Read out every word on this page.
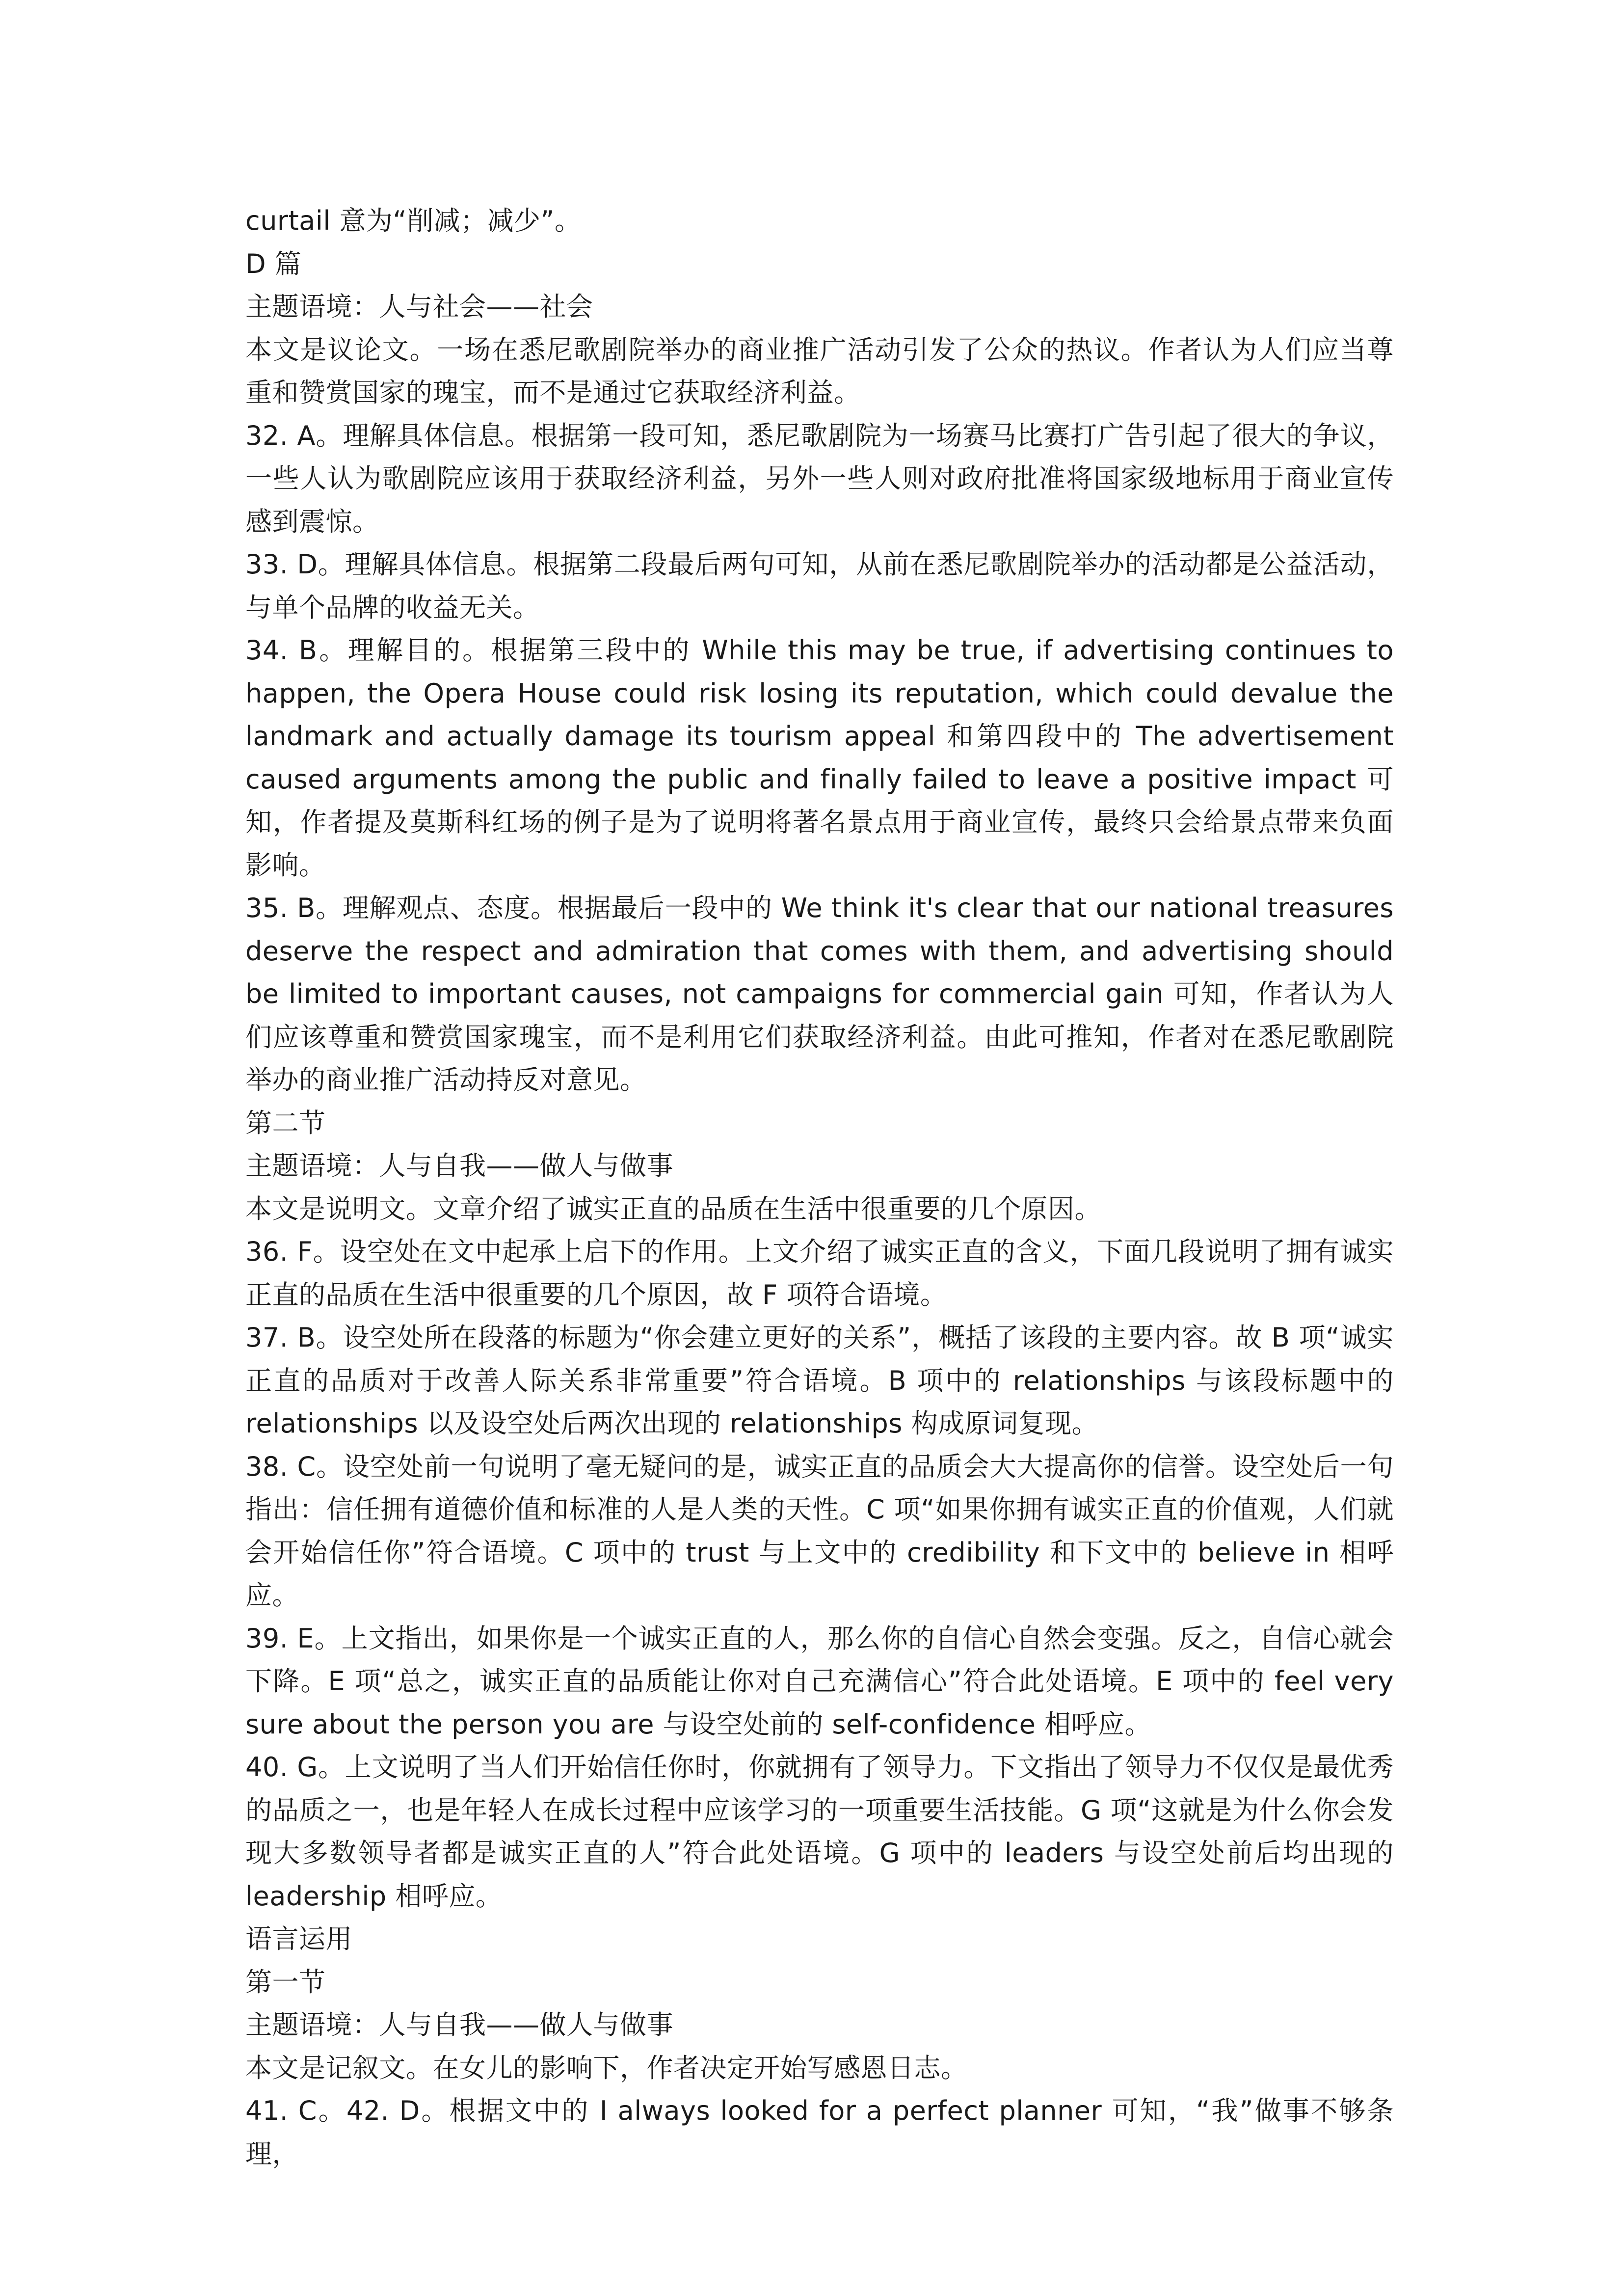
curtail 意为“削减；减少”。

D 篇

主题语境：人与社会——社会

本文是议论文。一场在悉尼歌剧院举办的商业推广活动引发了公众的热议。作者认为人们应当尊重和赞赏国家的瑰宝，而不是通过它获取经济利益。

32. A。理解具体信息。根据第一段可知，悉尼歌剧院为一场赛马比赛打广告引起了很大的争议，一些人认为歌剧院应该用于获取经济利益，另外一些人则对政府批准将国家级地标用于商业宣传感到震惊。

33. D。理解具体信息。根据第二段最后两句可知，从前在悉尼歌剧院举办的活动都是公益活动，与单个品牌的收益无关。

34. B。理解目的。根据第三段中的 While this may be true, if advertising continues to happen, the Opera House could risk losing its reputation, which could devalue the landmark and actually damage its tourism appeal 和第四段中的 The advertisement caused arguments among the public and finally failed to leave a positive impact 可知，作者提及莫斯科红场的例子是为了说明将著名景点用于商业宣传，最终只会给景点带来负面影响。

35. B。理解观点、态度。根据最后一段中的 We think it's clear that our national treasures deserve the respect and admiration that comes with them, and advertising should be limited to important causes, not campaigns for commercial gain 可知，作者认为人们应该尊重和赞赏国家瑰宝，而不是利用它们获取经济利益。由此可推知，作者对在悉尼歌剧院举办的商业推广活动持反对意见。

第二节

主题语境：人与自我——做人与做事

本文是说明文。文章介绍了诚实正直的品质在生活中很重要的几个原因。

36. F。设空处在文中起承上启下的作用。上文介绍了诚实正直的含义，下面几段说明了拥有诚实正直的品质在生活中很重要的几个原因，故 F 项符合语境。

37. B。设空处所在段落的标题为“你会建立更好的关系”，概括了该段的主要内容。故 B 项“诚实正直的品质对于改善人际关系非常重要”符合语境。B 项中的 relationships 与该段标题中的 relationships 以及设空处后两次出现的 relationships 构成原词复现。

38. C。设空处前一句说明了毫无疑问的是，诚实正直的品质会大大提高你的信誉。设空处后一句指出：信任拥有道德价值和标准的人是人类的天性。C 项“如果你拥有诚实正直的价值观，人们就会开始信任你”符合语境。C 项中的 trust 与上文中的 credibility 和下文中的 believe in 相呼应。

39. E。上文指出，如果你是一个诚实正直的人，那么你的自信心自然会变强。反之，自信心就会下降。E 项“总之，诚实正直的品质能让你对自己充满信心”符合此处语境。E 项中的 feel very sure about the person you are 与设空处前的 self-confidence 相呼应。

40. G。上文说明了当人们开始信任你时，你就拥有了领导力。下文指出了领导力不仅仅是最优秀的品质之一，也是年轻人在成长过程中应该学习的一项重要生活技能。G 项“这就是为什么你会发现大多数领导者都是诚实正直的人”符合此处语境。G 项中的 leaders 与设空处前后均出现的 leadership 相呼应。

语言运用

第一节

主题语境：人与自我——做人与做事

本文是记叙文。在女儿的影响下，作者决定开始写感恩日志。

41. C。42. D。根据文中的 I always looked for a perfect planner 可知，“我”做事不够条理，
